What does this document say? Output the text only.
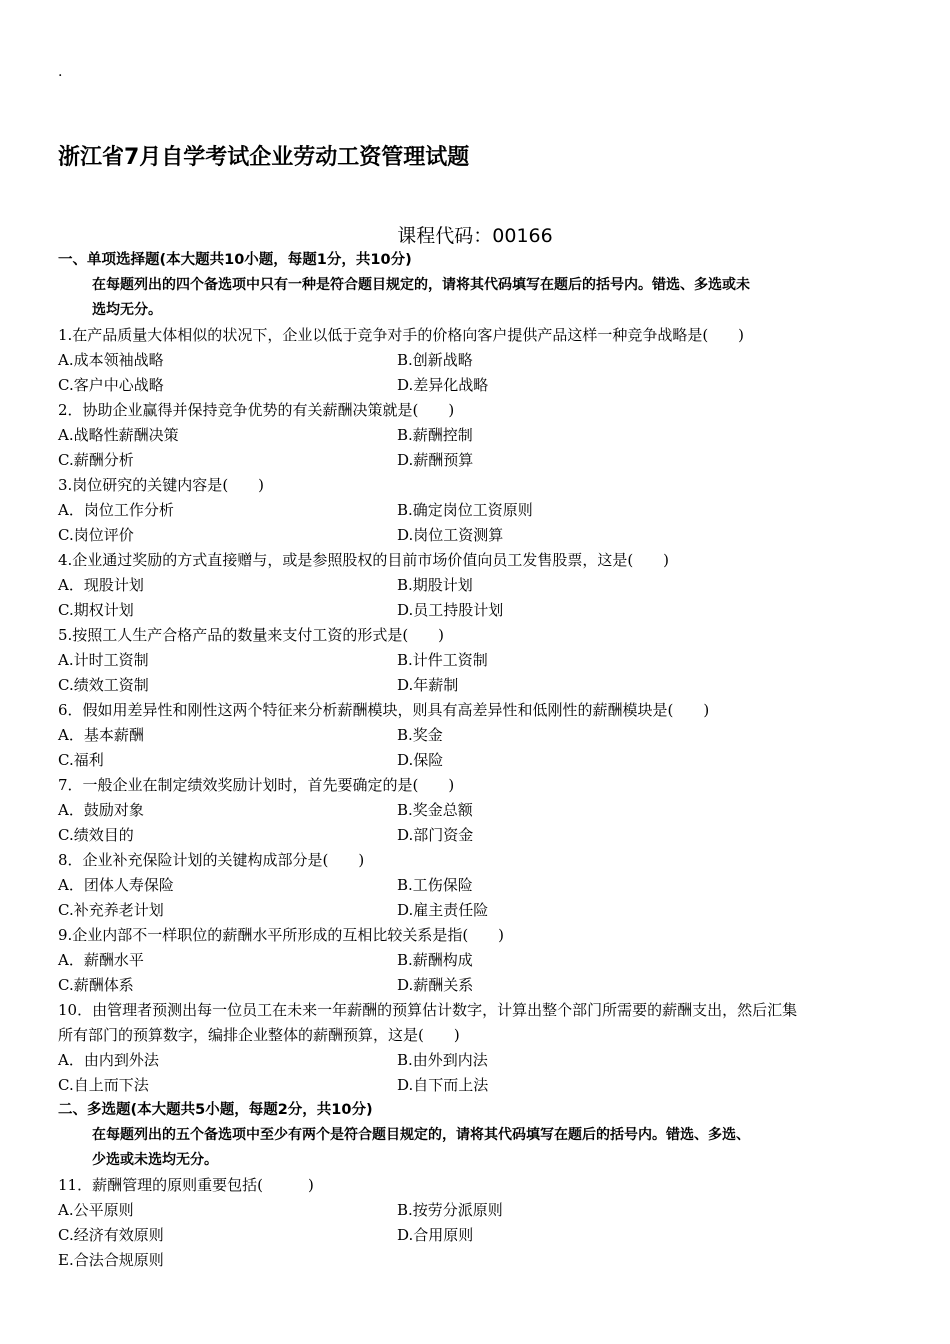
.
浙江省7月自学考试企业劳动工资管理试题
课程代码：00166
一、单项选择题(本大题共10小题，每题1分，共10分)
在每题列出的四个备选项中只有一种是符合题目规定的，请将其代码填写在题后的括号内。错选、多选或未
选均无分。
1.在产品质量大体相似的状况下，企业以低于竞争对手的价格向客户提供产品这样一种竞争战略是(　　)
A.成本领袖战略	B.创新战略
C.客户中心战略	D.差异化战略
2．协助企业赢得并保持竞争优势的有关薪酬决策就是(　　)
A.战略性薪酬决策	B.薪酬控制
C.薪酬分析	D.薪酬预算
3.岗位研究的关键内容是(　　)
A．岗位工作分析	B.确定岗位工资原则
C.岗位评价	D.岗位工资测算
4.企业通过奖励的方式直接赠与，或是参照股权的目前市场价值向员工发售股票，这是(　　)
A．现股计划	B.期股计划
C.期权计划	D.员工持股计划
5.按照工人生产合格产品的数量来支付工资的形式是(　　)
A.计时工资制	B.计件工资制
C.绩效工资制	D.年薪制
6．假如用差异性和刚性这两个特征来分析薪酬模块，则具有高差异性和低刚性的薪酬模块是(　　)
A．基本薪酬	B.奖金
C.福利	D.保险
7．一般企业在制定绩效奖励计划时，首先要确定的是(　　)
A．鼓励对象	B.奖金总额
C.绩效目的	D.部门资金
8．企业补充保险计划的关键构成部分是(　　)
A．团体人寿保险	B.工伤保险
C.补充养老计划	D.雇主责任险
9.企业内部不一样职位的薪酬水平所形成的互相比较关系是指(　　)
A．薪酬水平	B.薪酬构成
C.薪酬体系	D.薪酬关系
10．由管理者预测出每一位员工在未来一年薪酬的预算估计数字，计算出整个部门所需要的薪酬支出，然后汇集
所有部门的预算数字，编排企业整体的薪酬预算，这是(　　)
A．由内到外法	B.由外到内法
C.自上而下法	D.自下而上法
二、多选题(本大题共5小题，每题2分，共10分)
在每题列出的五个备选项中至少有两个是符合题目规定的，请将其代码填写在题后的括号内。错选、多选、
少选或未选均无分。
11．薪酬管理的原则重要包括(　　　)
A.公平原则	B.按劳分派原则
C.经济有效原则	D.合用原则
E.合法合规原则
